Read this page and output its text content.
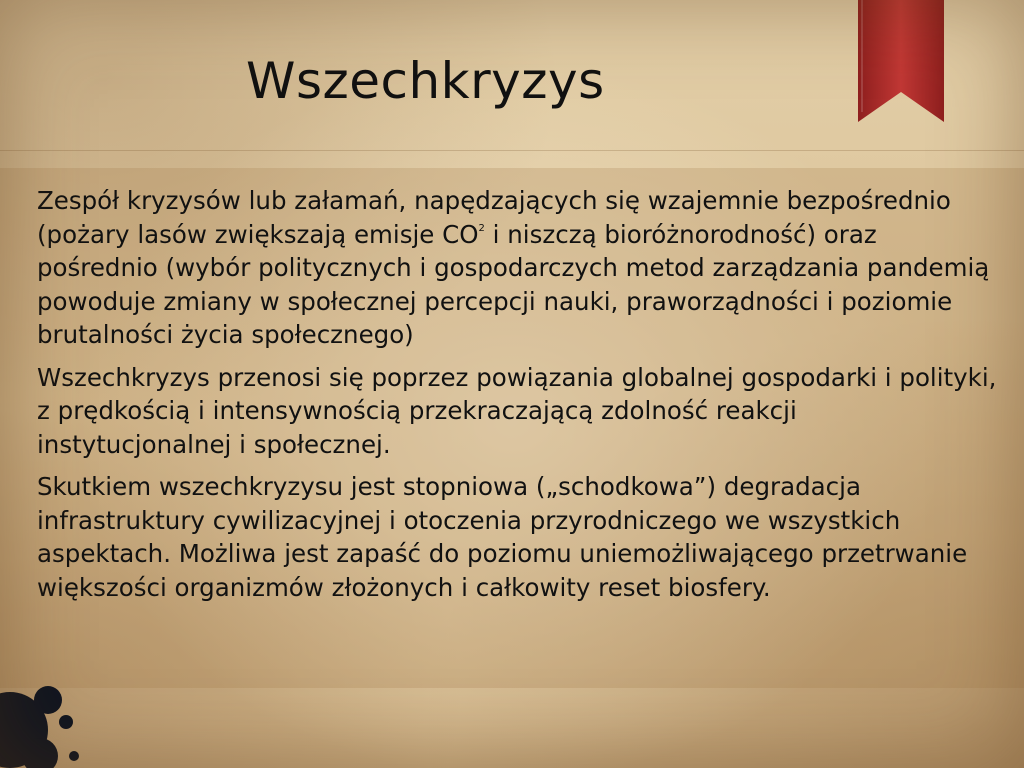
Wszechkryzys

Zespół kryzysów lub załamań, napędzających się wzajemnie bezpośrednio (pożary lasów zwiększają emisje $CO^2$ i niszczą bioróżnorodność) oraz pośrednio (wybór politycznych i gospodarczych metod zarządzania pandemią powoduje zmiany w społecznej percepcji nauki, praworządności i poziomie brutalności życia społecznego)

Wszechkryzys przenosi się poprzez powiązania globalnej gospodarki i polityki, z prędkością i intensywnością przekraczającą zdolność reakcji instytucjonalnej i społecznej.

Skutkiem wszechkryzysu jest stopniowa („schodkowa”) degradacja infrastruktury cywilizacyjnej i otoczenia przyrodniczego we wszystkich aspektach. Możliwa jest zapaść do poziomu uniemożliwającego przetrwanie większości organizmów złożonych i całkowity reset biosfery.
